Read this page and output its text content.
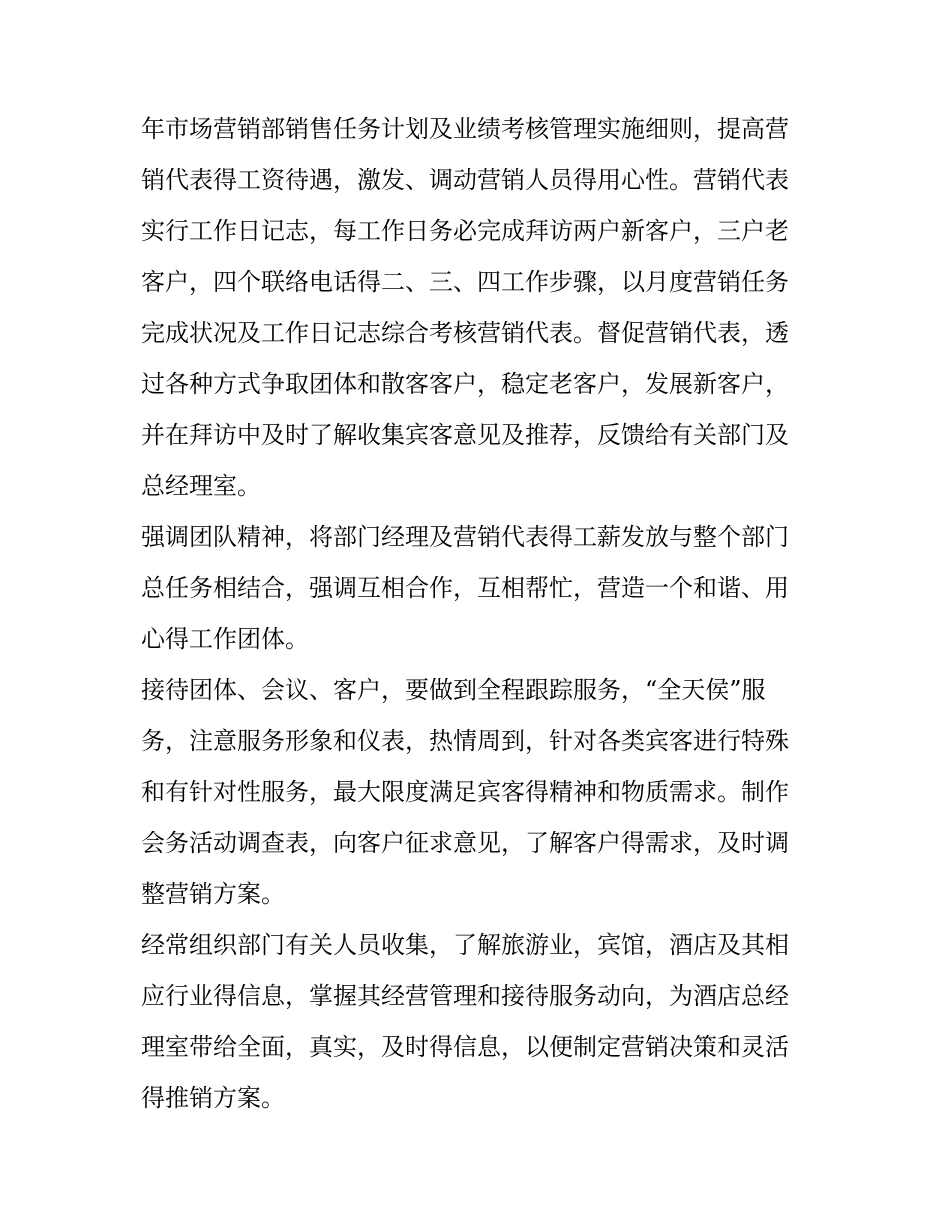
年市场营销部销售任务计划及业绩考核管理实施细则，提高营
销代表得工资待遇，激发、调动营销人员得用心性。营销代表
实行工作日记志，每工作日务必完成拜访两户新客户，三户老
客户，四个联络电话得二、三、四工作步骤，以月度营销任务
完成状况及工作日记志综合考核营销代表。督促营销代表，透
过各种方式争取团体和散客客户，稳定老客户，发展新客户，
并在拜访中及时了解收集宾客意见及推荐，反馈给有关部门及
总经理室。
强调团队精神，将部门经理及营销代表得工薪发放与整个部门
总任务相结合，强调互相合作，互相帮忙，营造一个和谐、用
心得工作团体。
接待团体、会议、客户，要做到全程跟踪服务，“全天侯”服
务，注意服务形象和仪表，热情周到，针对各类宾客进行特殊
和有针对性服务，最大限度满足宾客得精神和物质需求。制作
会务活动调查表，向客户征求意见，了解客户得需求，及时调
整营销方案。
经常组织部门有关人员收集，了解旅游业，宾馆，酒店及其相
应行业得信息，掌握其经营管理和接待服务动向，为酒店总经
理室带给全面，真实，及时得信息，以便制定营销决策和灵活
得推销方案。
